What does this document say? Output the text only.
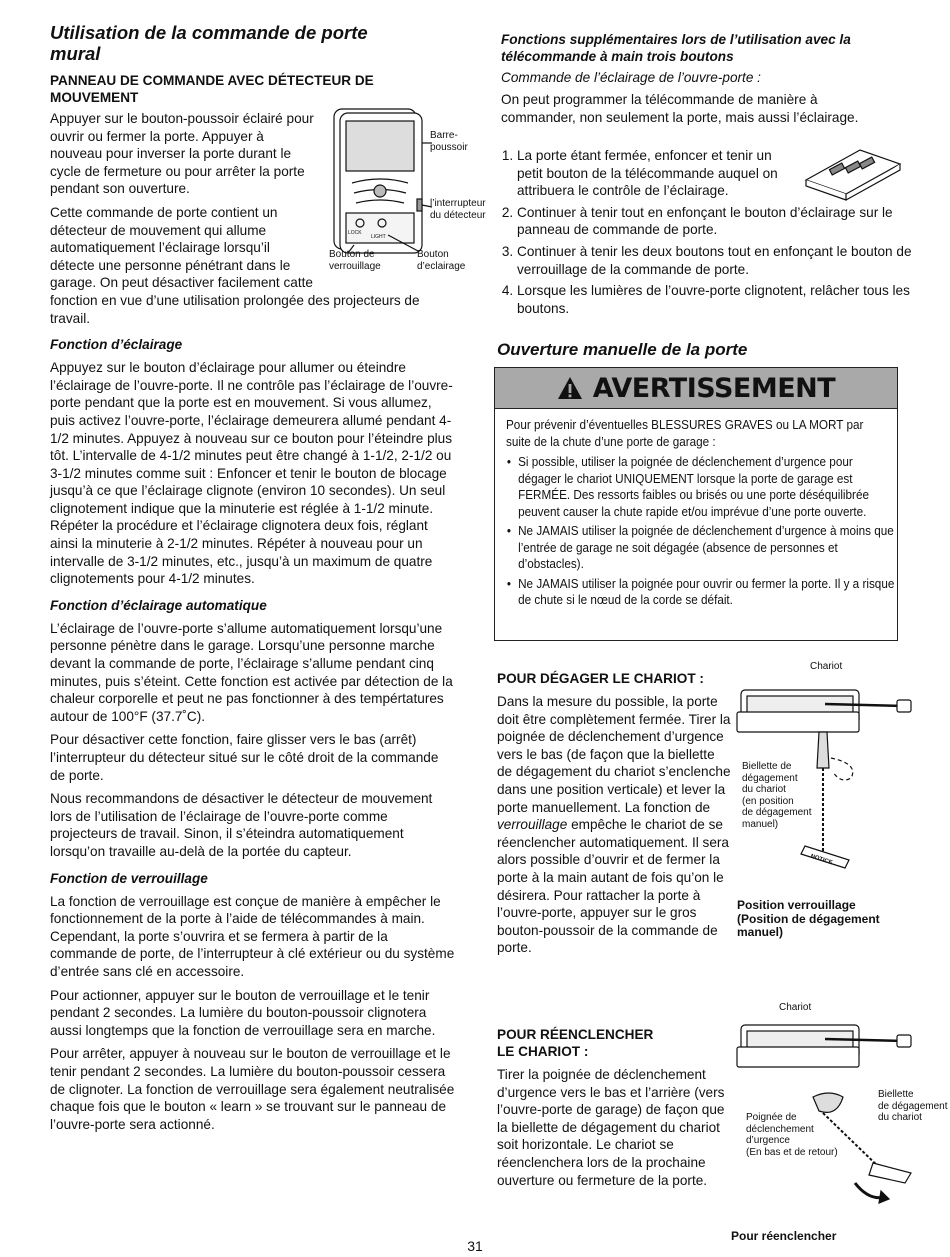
Utilisation de la commande de porte mural
PANNEAU DE COMMANDE AVEC DÉTECTEUR DE MOUVEMENT

Appuyer sur le bouton-poussoir éclairé pour ouvrir ou fermer la porte. Appuyer à nouveau pour inverser la porte durant le cycle de fermeture ou pour arrêter la porte pendant son ouverture.

Cette commande de porte contient un détecteur de mouvement qui allume automatiquement l’éclairage lorsqu’il détecte une personne pénétrant dans le garage. On peut désactiver facilement catte fonction en vue d’une utilisation prolongée des projecteurs de travail.

Fonction d’éclairage

Appuyez sur le bouton d’éclairage pour allumer ou éteindre l’éclairage de l’ouvre-porte. Il ne contrôle pas l’éclairage de l’ouvre-porte pendant que la porte est en mouvement. Si vous allumez, puis activez l’ouvre-porte, l’éclairage demeurera allumé pendant 4-1/2 minutes. Appuyez à nouveau sur ce bouton pour l’éteindre plus tôt. L’intervalle de 4-1/2 minutes peut être changé à 1-1/2, 2-1/2 ou 3-1/2 minutes comme suit : Enfoncer et tenir le bouton de blocage jusqu’à ce que l’éclairage clignote (environ 10 secondes). Un seul clignotement indique que la minuterie est réglée à 1-1/2 minute. Répéter la procédure et l’éclairage clignotera deux fois, réglant ainsi la minuterie à 2-1/2 minutes. Répéter à nouveau pour un intervalle de 3-1/2 minutes, etc., jusqu’à un maximum de quatre clignotements pour 4-1/2 minutes.

Fonction d’éclairage automatique

L’éclairage de l’ouvre-porte s’allume automatiquement lorsqu’une personne pénètre dans le garage. Lorsqu’une personne marche devant la commande de porte, l’éclairage s’allume pendant cinq minutes, puis s’éteint. Cette fonction est activée par détection de la chaleur corporelle et peut ne pas fonctionner à des tempértatures autour de 100°F (37.7˚C).

Pour désactiver cette fonction, faire glisser vers le bas (arrêt) l’interrupteur du détecteur situé sur le côté droit de la commande de porte.

Nous recommandons de désactiver le détecteur de mouvement lors de l’utilisation de l’éclairage de l’ouvre-porte comme projecteurs de travail. Sinon, il s’éteindra automatiquement lorsqu’on travaille au-delà de la portée du capteur.

Fonction de verrouillage

La fonction de verrouillage est conçue de manière à empêcher le fonctionnement de la porte à l’aide de télécommandes à main. Cependant, la porte s’ouvrira et se fermera à partir de la commande de porte, de l’interrupteur à clé extérieur ou du système d’entrée sans clé en accessoire.

Pour actionner, appuyer sur le bouton de verrouillage et le tenir pendant 2 secondes. La lumière du bouton-poussoir clignotera aussi longtemps que la fonction de verrouillage sera en marche.

Pour arrêter, appuyer à nouveau sur le bouton de verrouillage et le tenir pendant 2 secondes. La lumière du bouton-poussoir cessera de clignoter. La fonction de verrouillage sera également neutralisée chaque fois que le bouton « learn » se trouvant sur le panneau de l’ouvre-porte sera actionné.

Barre-
poussoir
l’interrupteur
du détecteur
Bouton de
verrouillage
Bouton
d’eclairage
LOCK
LIGHT
Fonctions supplémentaires lors de l’utilisation avec la télécommande à main trois boutons
Commande de l’éclairage de l’ouvre-porte :
On peut programmer la télécommande de manière à commander, non seulement la porte, mais aussi l’éclairage.
1. La porte étant fermée, enfoncer et tenir un petit bouton de la télécommande auquel on attribuera le contrôle de l’éclairage.
2. Continuer à tenir tout en enfonçant le bouton d’éclairage sur le panneau de commande de porte.
3. Continuer à tenir les deux boutons tout en enfonçant le bouton de verrouillage de la commande de porte.
4. Lorsque les lumières de l’ouvre-porte clignotent, relâcher tous les boutons.
Ouverture manuelle de la porte
AVERTISSEMENT

Pour prévenir d’éventuelles BLESSURES GRAVES ou LA MORT par suite de la chute d’une porte de garage :

• Si possible, utiliser la poignée de déclenchement d’urgence pour dégager le chariot UNIQUEMENT lorsque la porte de garage est FERMÉE. Des ressorts faibles ou brisés ou une porte déséquilibrée peuvent causer la chute rapide et/ou imprévue d’une porte ouverte.
• Ne JAMAIS utiliser la poignée de déclenchement d’urgence à moins que l’entrée de garage ne soit dégagée (absence de personnes et d’obstacles).
• Ne JAMAIS utiliser la poignée pour ouvrir ou fermer la porte. Il y a risque de chute si le nœud de la corde se défait.
POUR DÉGAGER LE CHARIOT :
Dans la mesure du possible, la porte doit être complètement fermée. Tirer la poignée de déclenchement d’urgence vers le bas (de façon que la biellette de dégagement du chariot s’enclenche dans une position verticale) et lever la porte manuellement. La fonction de verrouillage empêche le chariot de se réenclencher automatiquement. Il sera alors possible d’ouvrir et de fermer la porte à la main autant de fois qu’on le désirera. Pour rattacher la porte à l’ouvre-porte, appuyer sur le gros bouton-poussoir de la commande de porte.
Chariot
Biellette de
dégagement
du chariot
(en position
de dégagement
manuel)
NOTICE
Position verrouillage
(Position de dégagement
manuel)
POUR RÉENCLENCHER
LE CHARIOT :
Tirer la poignée de déclenchement d’urgence vers le bas et l’arrière (vers l’ouvre-porte de garage) de façon que la biellette de dégagement du chariot soit horizontale. Le chariot se réenclenchera lors de la prochaine ouverture ou fermeture de la porte.
Chariot
Biellette
de dégagement
du chariot
Poignée de
déclenchement
d’urgence
(En bas et de retour)
Pour réenclencher
31
